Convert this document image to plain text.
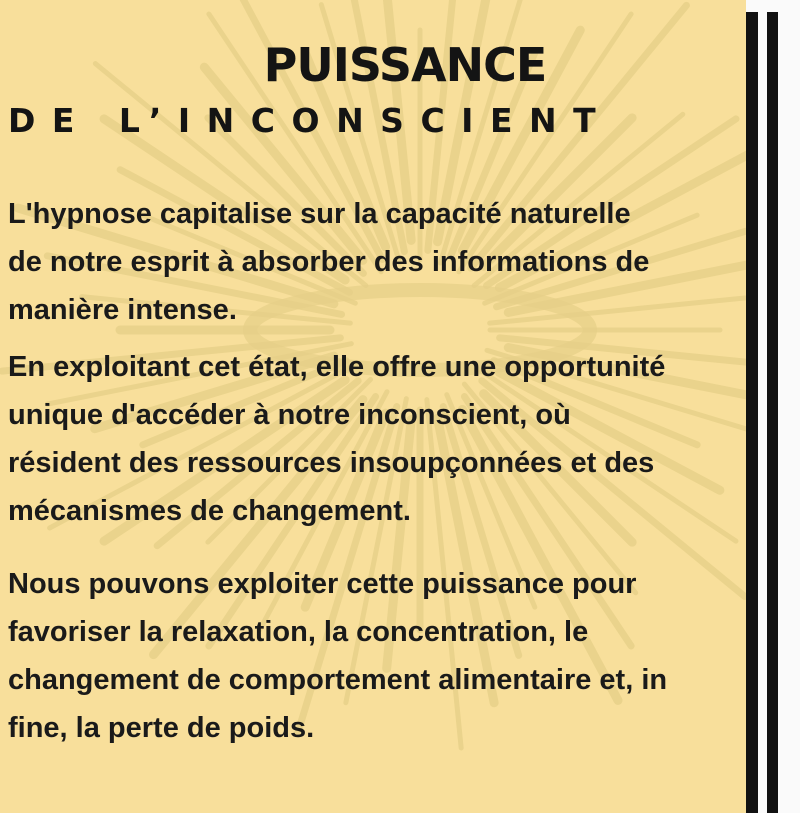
PUISSANCE
DE L’INCONSCIENT
L'hypnose capitalise sur la capacité naturelle
de notre esprit à absorber des informations de
manière intense.
En exploitant cet état, elle offre une opportunité
unique d'accéder à notre inconscient, où
résident des ressources insoupçonnées et des
mécanismes de changement.
Nous pouvons exploiter cette puissance pour
favoriser la relaxation, la concentration, le
changement de comportement alimentaire et, in
fine, la perte de poids.
